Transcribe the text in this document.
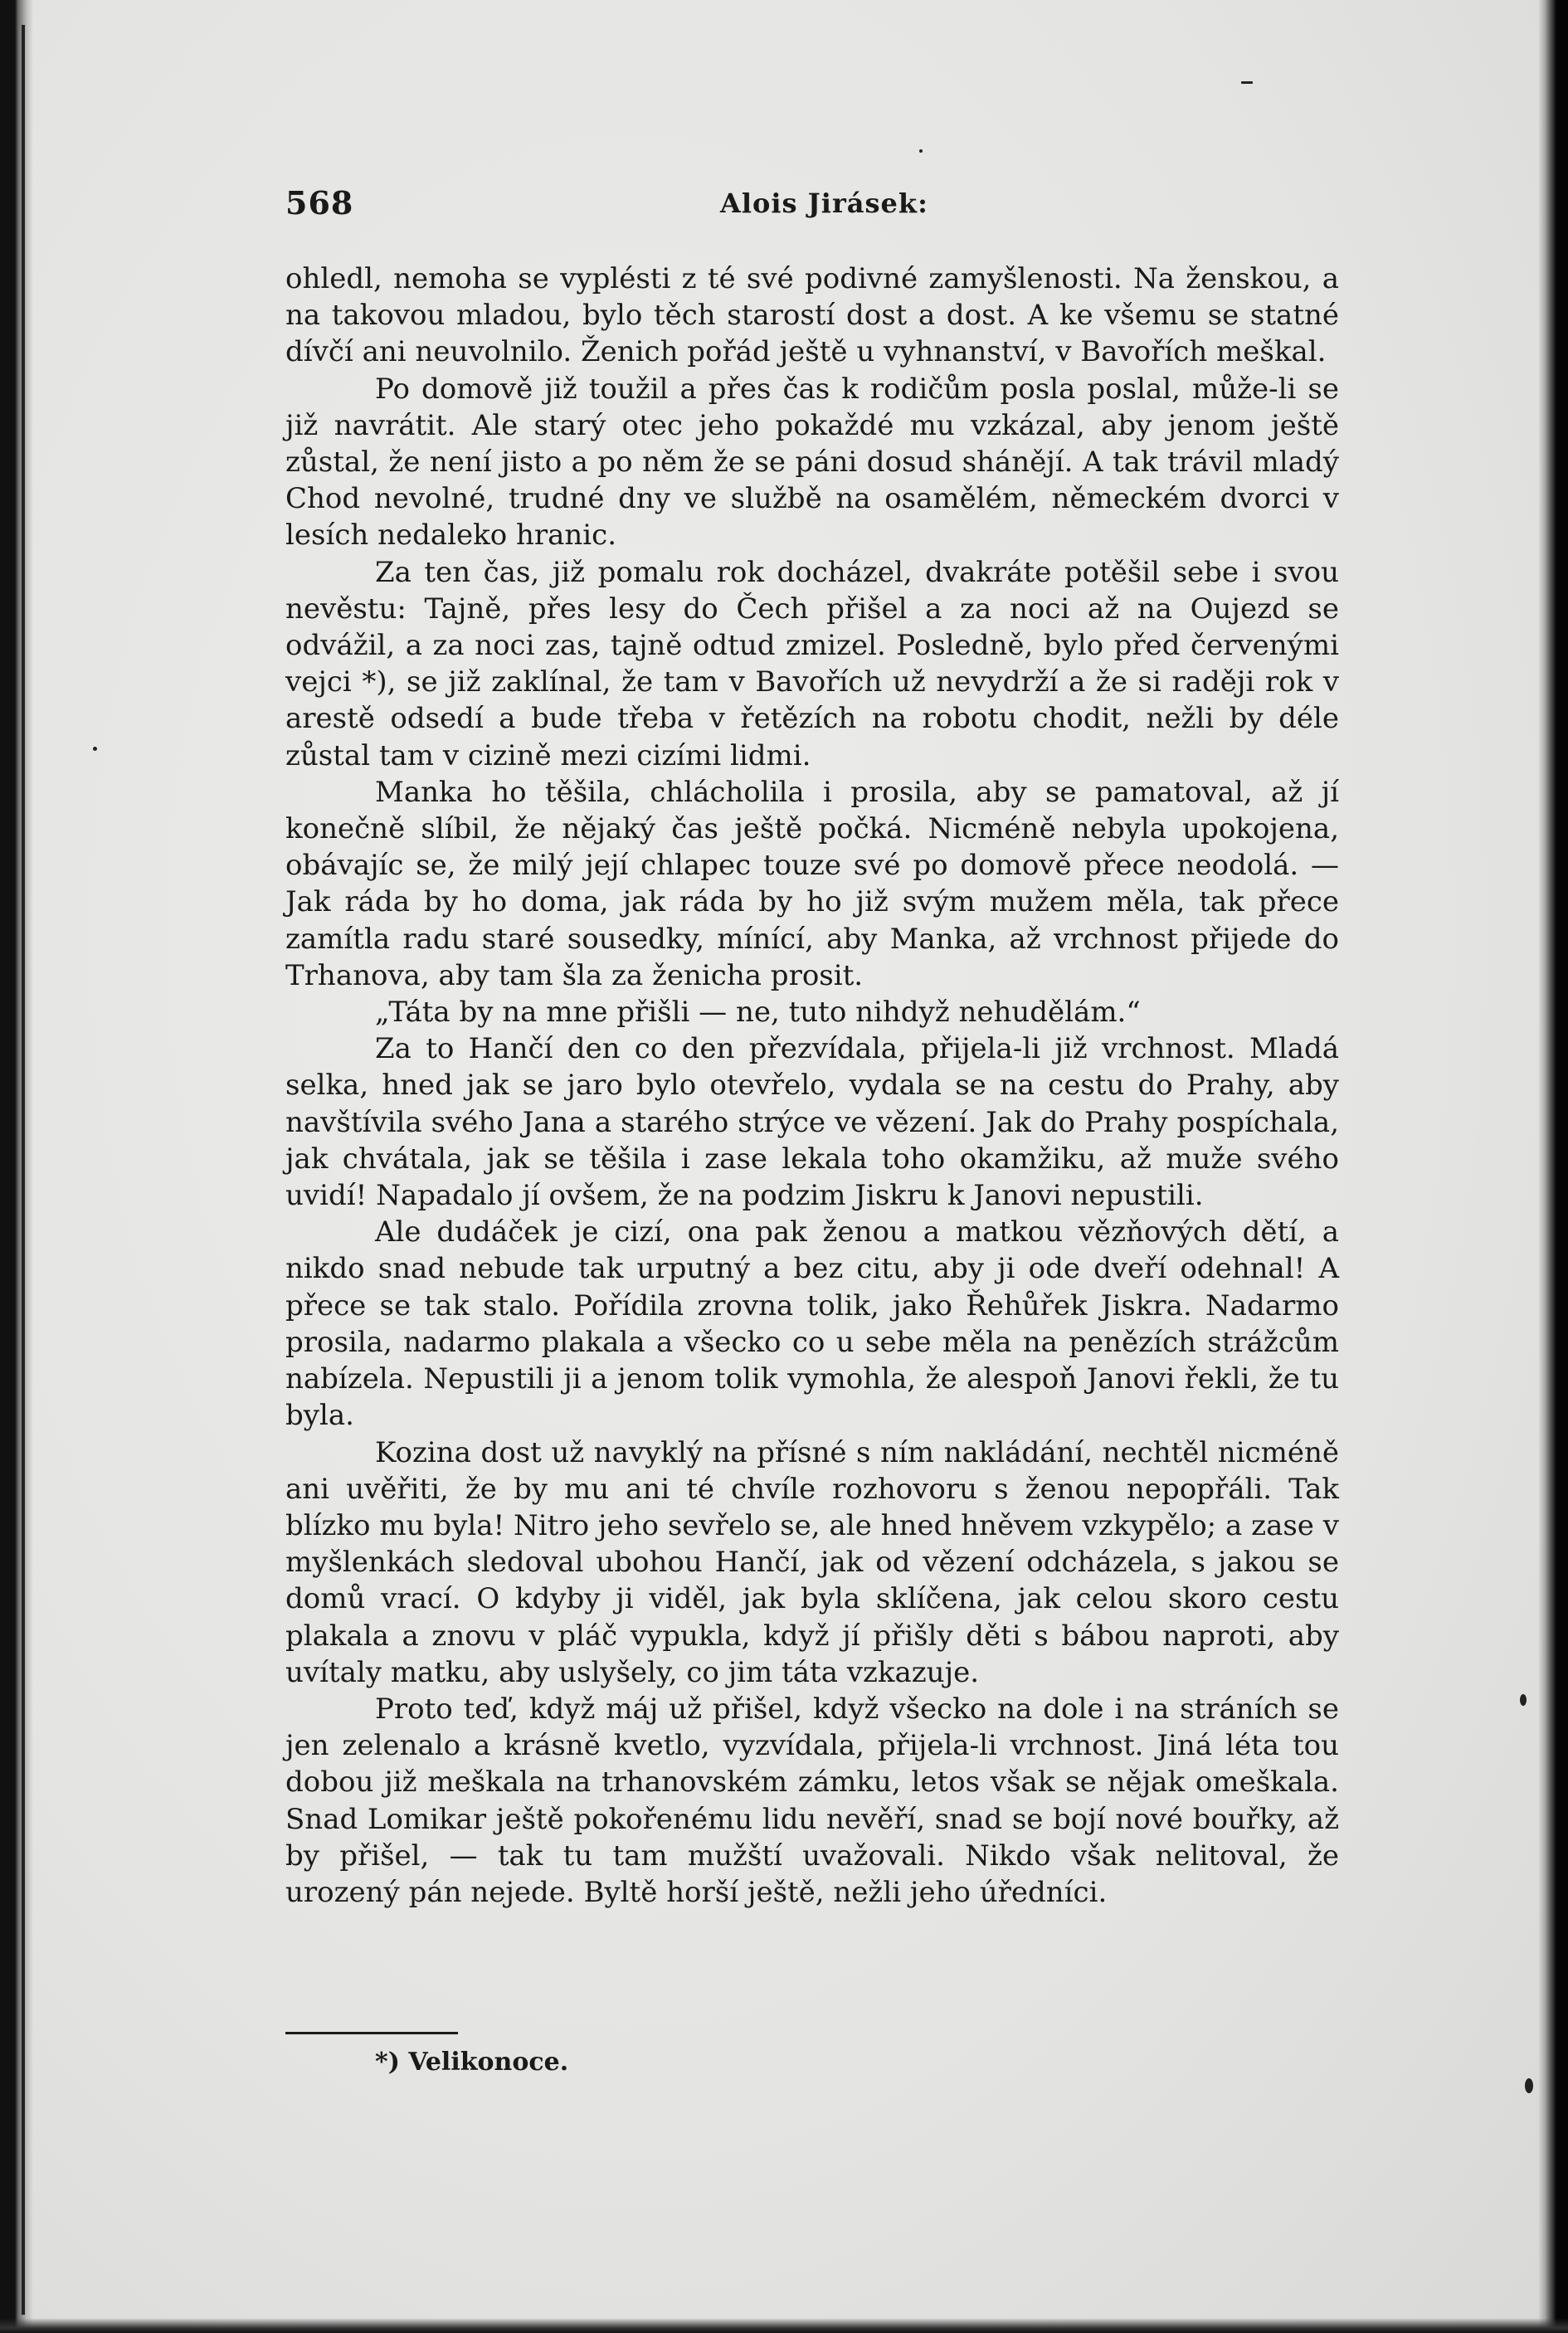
568	Alois Jirásek:

ohledl, nemoha se vyplésti z té své podivné zamyšlenosti. Na ženskou, a na takovou mladou, bylo těch starostí dost a dost. A ke všemu se statné dívčí ani neuvolnilo. Ženich pořád ještě u vyhnanství, v Bavořích meškal.

Po domově již toužil a přes čas k rodičům posla poslal, může-li se již navrátit. Ale starý otec jeho pokaždé mu vzkázal, aby jenom ještě zůstal, že není jisto a po něm že se páni dosud shánějí. A tak trávil mladý Chod nevolné, trudné dny ve službě na osamělém, německém dvorci v lesích nedaleko hranic.

Za ten čas, již pomalu rok docházel, dvakráte potěšil sebe i svou nevěstu: Tajně, přes lesy do Čech přišel a za noci až na Oujezd se odvážil, a za noci zas, tajně odtud zmizel. Posledně, bylo před červenými vejci *), se již zaklínal, že tam v Bavořích už nevydrží a že si raději rok v arestě odsedí a bude třeba v řetězích na robotu chodit, nežli by déle zůstal tam v cizině mezi cizími lidmi.

Manka ho těšila, chlácholila i prosila, aby se pamatoval, až jí konečně slíbil, že nějaký čas ještě počká. Nicméně nebyla upokojena, obávajíc se, že milý její chlapec touze své po domově přece neodolá. — Jak ráda by ho doma, jak ráda by ho již svým mužem měla, tak přece zamítla radu staré sousedky, mínící, aby Manka, až vrchnost přijede do Trhanova, aby tam šla za ženicha prosit.

„Táta by na mne přišli — ne, tuto nihdyž nehudělám.“

Za to Hančí den co den přezvídala, přijela-li již vrchnost. Mladá selka, hned jak se jaro bylo otevřelo, vydala se na cestu do Prahy, aby navštívila svého Jana a starého strýce ve vězení. Jak do Prahy pospíchala, jak chvátala, jak se těšila i zase lekala toho okamžiku, až muže svého uvidí! Napadalo jí ovšem, že na podzim Jiskru k Janovi nepustili.

Ale dudáček je cizí, ona pak ženou a matkou vězňových dětí, a nikdo snad nebude tak urputný a bez citu, aby ji ode dveří odehnal! A přece se tak stalo. Pořídila zrovna tolik, jako Řehůřek Jiskra. Nadarmo prosila, nadarmo plakala a všecko co u sebe měla na penězích strážcům nabízela. Nepustili ji a jenom tolik vymohla, že alespoň Janovi řekli, že tu byla.

Kozina dost už navyklý na přísné s ním nakládání, nechtěl nicméně ani uvěřiti, že by mu ani té chvíle rozhovoru s ženou nepopřáli. Tak blízko mu byla! Nitro jeho sevřelo se, ale hned hněvem vzkypělo; a zase v myšlenkách sledoval ubohou Hančí, jak od vězení odcházela, s jakou se domů vrací. O kdyby ji viděl, jak byla sklíčena, jak celou skoro cestu plakala a znovu v pláč vypukla, když jí přišly děti s bábou naproti, aby uvítaly matku, aby uslyšely, co jim táta vzkazuje.

Proto teď, když máj už přišel, když všecko na dole i na stráních se jen zelenalo a krásně kvetlo, vyzvídala, přijela-li vrchnost. Jiná léta tou dobou již meškala na trhanovském zámku, letos však se nějak omeškala. Snad Lomikar ještě pokořenému lidu nevěří, snad se bojí nové bouřky, až by přišel, — tak tu tam mužští uvažovali. Nikdo však nelitoval, že urozený pán nejede. Byltě horší ještě, nežli jeho úředníci.

*) Velikonoce.
